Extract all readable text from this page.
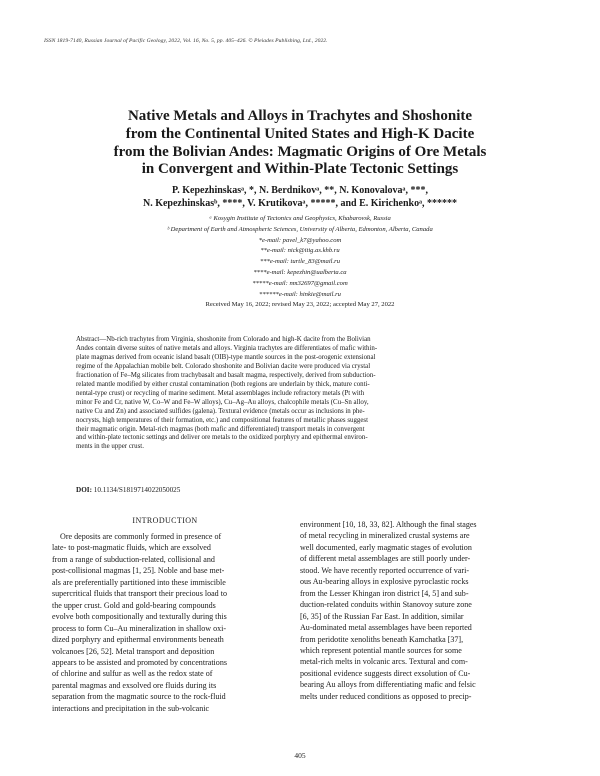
ISSN 1819-7140, Russian Journal of Pacific Geology, 2022, Vol. 16, No. 5, pp. 405–426. © Pleiades Publishing, Ltd., 2022.
Native Metals and Alloys in Trachytes and Shoshonite
from the Continental United States and High-K Dacite
from the Bolivian Andes: Magmatic Origins of Ore Metals
in Convergent and Within-Plate Tectonic Settings
P. Kepezhinskasᵃ, *, N. Berdnikovᵃ, **, N. Konovalovaᵃ, ***,
N. Kepezhinskasᵇ, ****, V. Krutikovaᵃ, *****, and E. Kirichenkoᵃ, ******
ᵃ Kosygin Institute of Tectonics and Geophysics, Khabarovsk, Russia
ᵇ Department of Earth and Atmospheric Sciences, University of Alberta, Edmonton, Alberta, Canada
*e-mail: pavel_k7@yahoo.com
**e-mail: nick@itig.as.khb.ru
***e-mail: turtle_83@mail.ru
****e-mail: kepezhin@ualberta.ca
*****e-mail: nm32697@gmail.com
******e-mail: hinkie@mail.ru
Received May 16, 2022; revised May 23, 2022; accepted May 27, 2022
Abstract—Nb-rich trachytes from Virginia, shoshonite from Colorado and high-K dacite from the Bolivian
Andes contain diverse suites of native metals and alloys. Virginia trachytes are differentiates of mafic within-
plate magmas derived from oceanic island basalt (OIB)-type mantle sources in the post-orogenic extensional
regime of the Appalachian mobile belt. Colorado shoshonite and Bolivian dacite were produced via crystal
fractionation of Fe–Mg silicates from trachybasalt and basalt magma, respectively, derived from subduction-
related mantle modified by either crustal contamination (both regions are underlain by thick, mature conti-
nental-type crust) or recycling of marine sediment. Metal assemblages include refractory metals (Pt with
minor Fe and Cr, native W, Co–W and Fe–W alloys), Cu–Ag–Au alloys, chalcophile metals (Cu–Sn alloy,
native Cu and Zn) and associated sulfides (galena). Textural evidence (metals occur as inclusions in phe-
nocrysts, high temperatures of their formation, etc.) and compositional features of metallic phases suggest
their magmatic origin. Metal-rich magmas (both mafic and differentiated) transport metals in convergent
and within-plate tectonic settings and deliver ore metals to the oxidized porphyry and epithermal environ-
ments in the upper crust.
DOI: 10.1134/S1819714022050025
INTRODUCTION
Ore deposits are commonly formed in presence of
late- to post-magmatic fluids, which are exsolved
from a range of subduction-related, collisional and
post-collisional magmas [1, 25]. Noble and base met-
als are preferentially partitioned into these immiscible
supercritical fluids that transport their precious load to
the upper crust. Gold and gold-bearing compounds
evolve both compositionally and texturally during this
process to form Cu–Au mineralization in shallow oxi-
dized porphyry and epithermal environments beneath
volcanoes [26, 52]. Metal transport and deposition
appears to be assisted and promoted by concentrations
of chlorine and sulfur as well as the redox state of
parental magmas and exsolved ore fluids during its
separation from the magmatic source to the rock-fluid
interactions and precipitation in the sub-volcanic
environment [10, 18, 33, 82]. Although the final stages
of metal recycling in mineralized crustal systems are
well documented, early magmatic stages of evolution
of different metal assemblages are still poorly under-
stood. We have recently reported occurrence of vari-
ous Au-bearing alloys in explosive pyroclastic rocks
from the Lesser Khingan iron district [4, 5] and sub-
duction-related conduits within Stanovoy suture zone
[6, 35] of the Russian Far East. In addition, similar
Au-dominated metal assemblages have been reported
from peridotite xenoliths beneath Kamchatka [37],
which represent potential mantle sources for some
metal-rich melts in volcanic arcs. Textural and com-
positional evidence suggests direct exsolution of Cu-
bearing Au alloys from differentiating mafic and felsic
melts under reduced conditions as opposed to precip-
405
